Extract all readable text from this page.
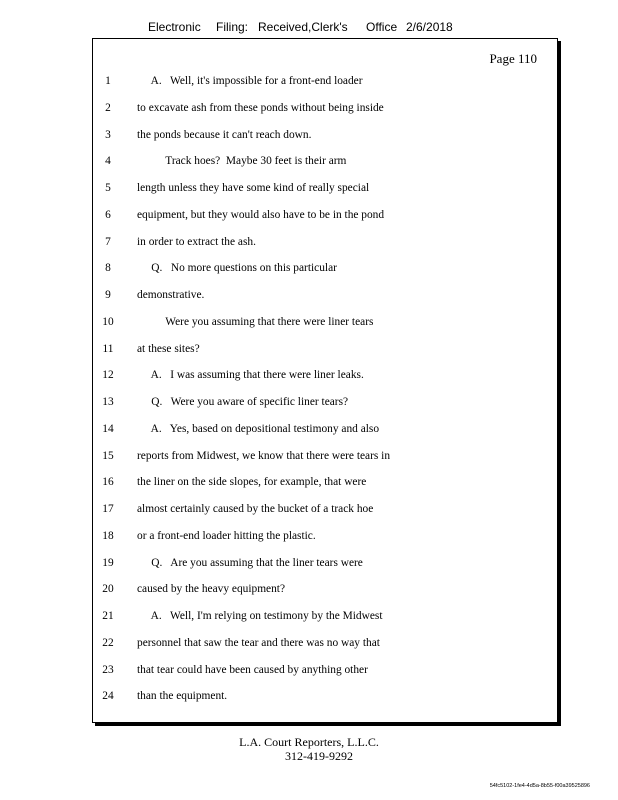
Electronic Filing: Received,Clerk's Office 2/6/2018
Page 110
1	A.   Well, it's impossible for a front-end loader
2	to excavate ash from these ponds without being inside
3	the ponds because it can't reach down.
4	Track hoes?  Maybe 30 feet is their arm
5	length unless they have some kind of really special
6	equipment, but they would also have to be in the pond
7	in order to extract the ash.
8	Q.   No more questions on this particular
9	demonstrative.
10	Were you assuming that there were liner tears
11	at these sites?
12	A.   I was assuming that there were liner leaks.
13	Q.   Were you aware of specific liner tears?
14	A.   Yes, based on depositional testimony and also
15	reports from Midwest, we know that there were tears in
16	the liner on the side slopes, for example, that were
17	almost certainly caused by the bucket of a track hoe
18	or a front-end loader hitting the plastic.
19	Q.   Are you assuming that the liner tears were
20	caused by the heavy equipment?
21	A.   Well, I'm relying on testimony by the Midwest
22	personnel that saw the tear and there was no way that
23	that tear could have been caused by anything other
24	than the equipment.
L.A. Court Reporters, L.L.C.
312-419-9292
54fc5102-1fe4-4d5a-8b55-f00a39525896
